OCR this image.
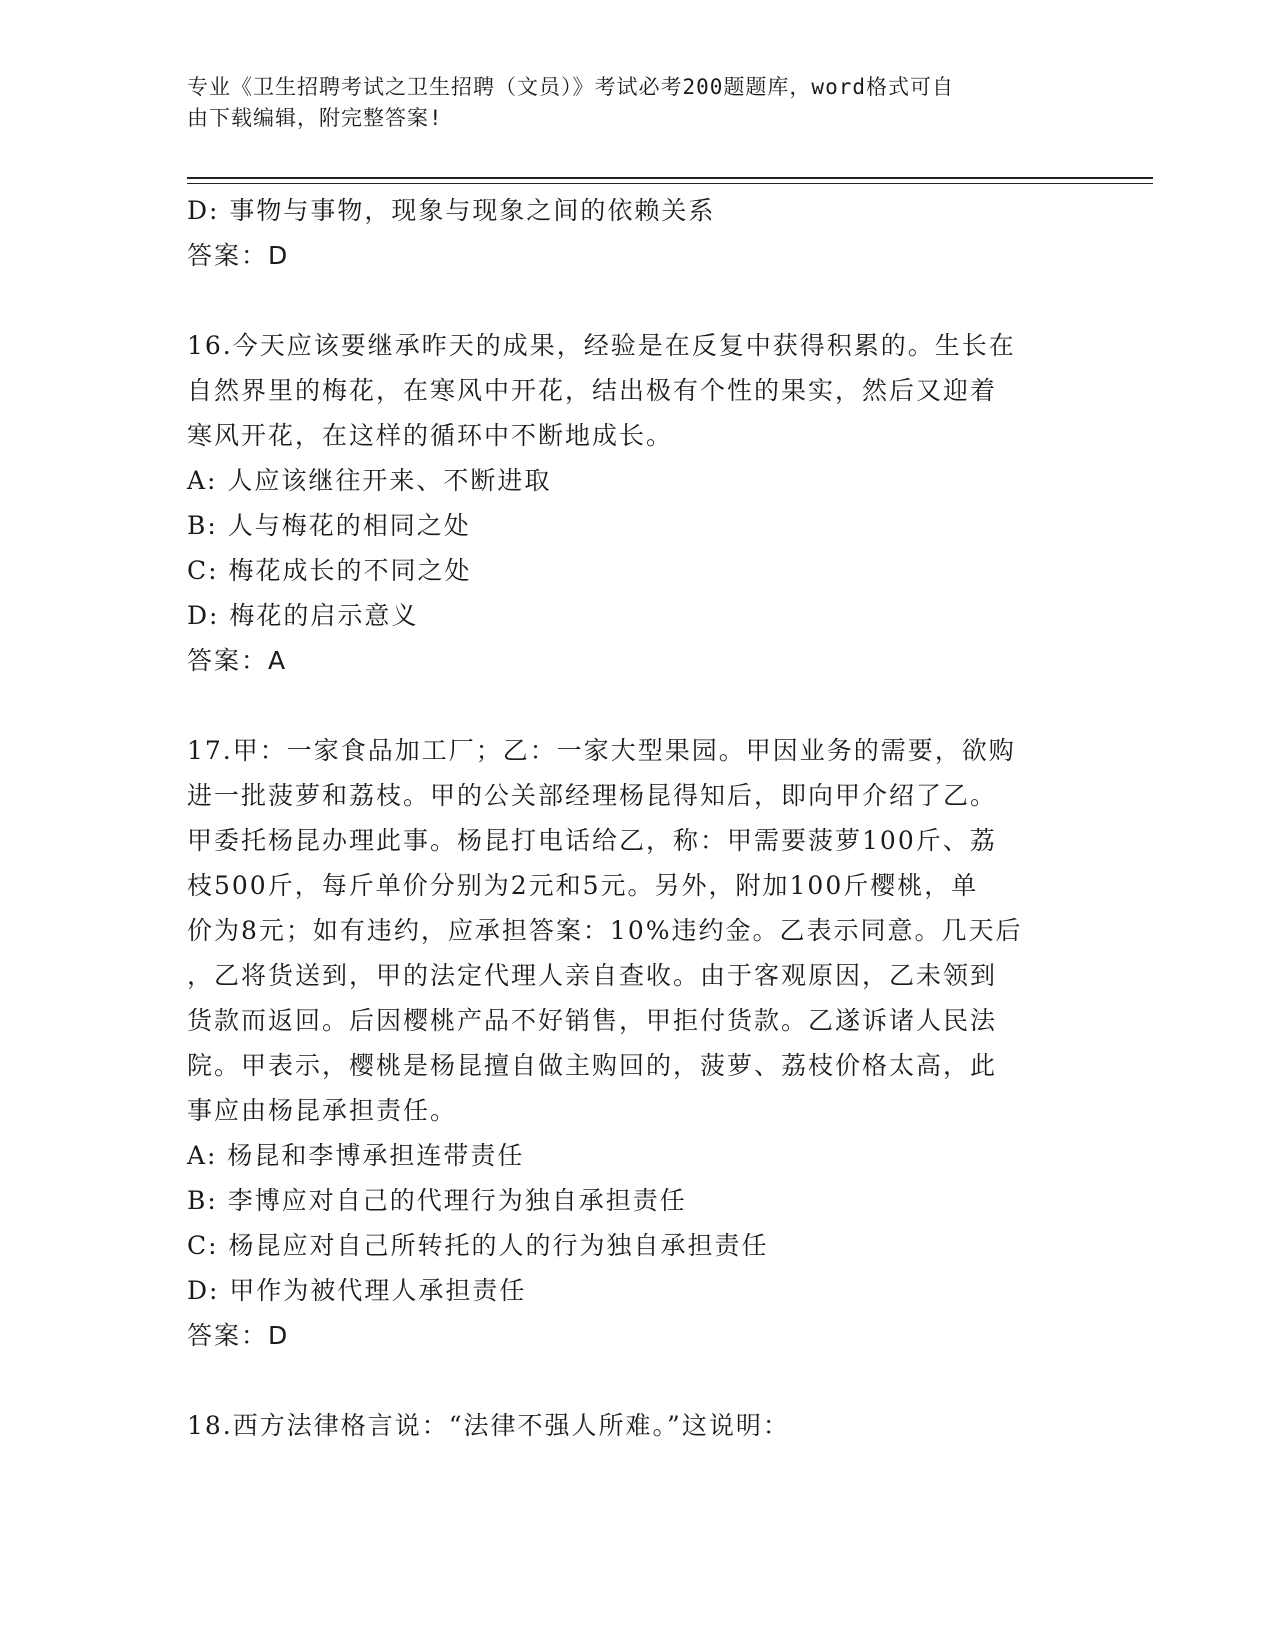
专业《卫生招聘考试之卫生招聘（文员）》考试必考200题题库，word格式可自
由下载编辑，附完整答案!
D: 事物与事物，现象与现象之间的依赖关系
答案：D
16.今天应该要继承昨天的成果，经验是在反复中获得积累的。生长在
自然界里的梅花，在寒风中开花，结出极有个性的果实，然后又迎着
寒风开花，在这样的循环中不断地成长。
A: 人应该继往开来、不断进取
B: 人与梅花的相同之处
C: 梅花成长的不同之处
D: 梅花的启示意义
答案：A
17.甲：一家食品加工厂；乙：一家大型果园。甲因业务的需要，欲购
进一批菠萝和荔枝。甲的公关部经理杨昆得知后，即向甲介绍了乙。
甲委托杨昆办理此事。杨昆打电话给乙，称：甲需要菠萝100斤、荔
枝500斤，每斤单价分别为2元和5元。另外，附加100斤樱桃，单
价为8元；如有违约，应承担答案：10%违约金。乙表示同意。几天后
，乙将货送到，甲的法定代理人亲自查收。由于客观原因，乙未领到
货款而返回。后因樱桃产品不好销售，甲拒付货款。乙遂诉诸人民法
院。甲表示，樱桃是杨昆擅自做主购回的，菠萝、荔枝价格太高，此
事应由杨昆承担责任。
A: 杨昆和李博承担连带责任
B: 李博应对自己的代理行为独自承担责任
C: 杨昆应对自己所转托的人的行为独自承担责任
D: 甲作为被代理人承担责任
答案：D
18.西方法律格言说：“法律不强人所难。”这说明：
